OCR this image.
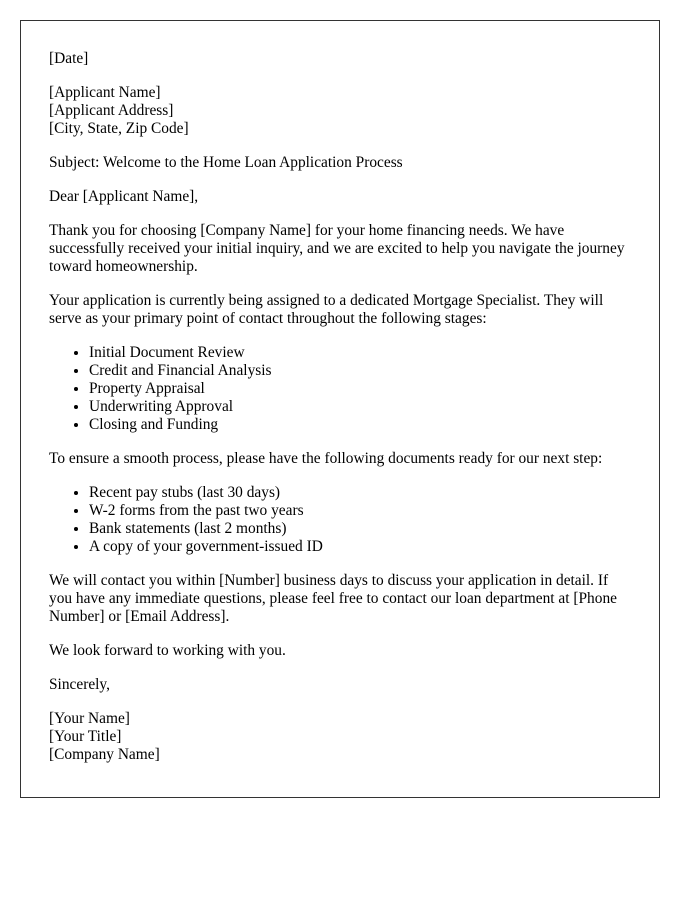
[Date]
[Applicant Name]
[Applicant Address]
[City, State, Zip Code]

Subject: Welcome to the Home Loan Application Process

Dear [Applicant Name],

Thank you for choosing [Company Name] for your home financing needs. We have successfully received your initial inquiry, and we are excited to help you navigate the journey toward homeownership.

Your application is currently being assigned to a dedicated Mortgage Specialist. They will serve as your primary point of contact throughout the following stages:

• Initial Document Review
• Credit and Financial Analysis
• Property Appraisal
• Underwriting Approval
• Closing and Funding

To ensure a smooth process, please have the following documents ready for our next step:

• Recent pay stubs (last 30 days)
• W-2 forms from the past two years
• Bank statements (last 2 months)
• A copy of your government-issued ID

We will contact you within [Number] business days to discuss your application in detail. If you have any immediate questions, please feel free to contact our loan department at [Phone Number] or [Email Address].

We look forward to working with you.

Sincerely,

[Your Name]
[Your Title]
[Company Name]
